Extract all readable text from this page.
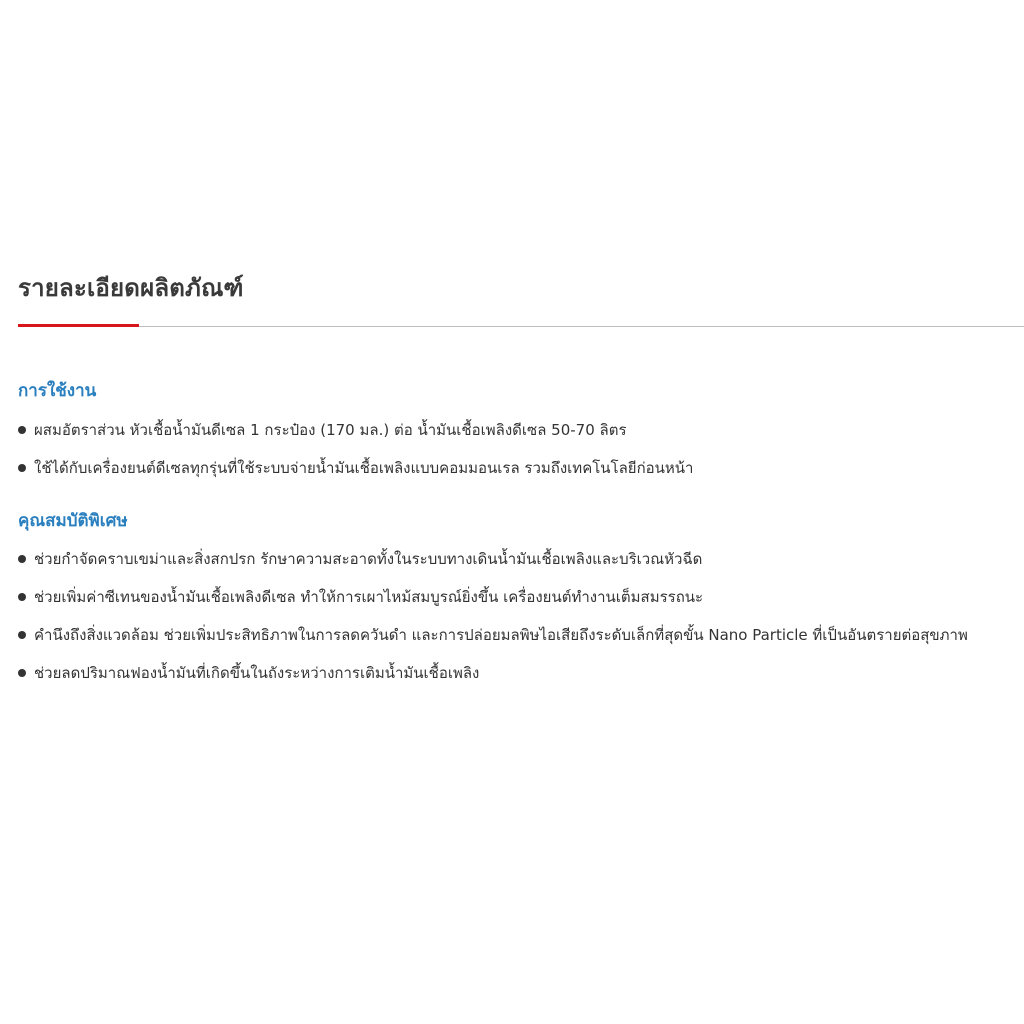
รายละเอียดผลิตภัณฑ์
การใช้งาน
ผสมอัตราส่วน หัวเชื้อน้ำมันดีเซล 1 กระป๋อง (170 มล.) ต่อ น้ำมันเชื้อเพลิงดีเซล 50-70 ลิตร
ใช้ได้กับเครื่องยนต์ดีเซลทุกรุ่นที่ใช้ระบบจ่ายน้ำมันเชื้อเพลิงแบบคอมมอนเรล รวมถึงเทคโนโลยีก่อนหน้า
คุณสมบัติพิเศษ
ช่วยกำจัดคราบเขม่าและสิ่งสกปรก รักษาความสะอาดทั้งในระบบทางเดินน้ำมันเชื้อเพลิงและบริเวณหัวฉีด
ช่วยเพิ่มค่าซีเทนของน้ำมันเชื้อเพลิงดีเซล ทำให้การเผาไหม้สมบูรณ์ยิ่งขึ้น เครื่องยนต์ทำงานเต็มสมรรถนะ
คำนึงถึงสิ่งแวดล้อม ช่วยเพิ่มประสิทธิภาพในการลดควันดำ และการปล่อยมลพิษไอเสียถึงระดับเล็กที่สุดขั้น Nano Particle ที่เป็นอันตรายต่อสุขภาพ
ช่วยลดปริมาณฟองน้ำมันที่เกิดขึ้นในถังระหว่างการเติมน้ำมันเชื้อเพลิง
